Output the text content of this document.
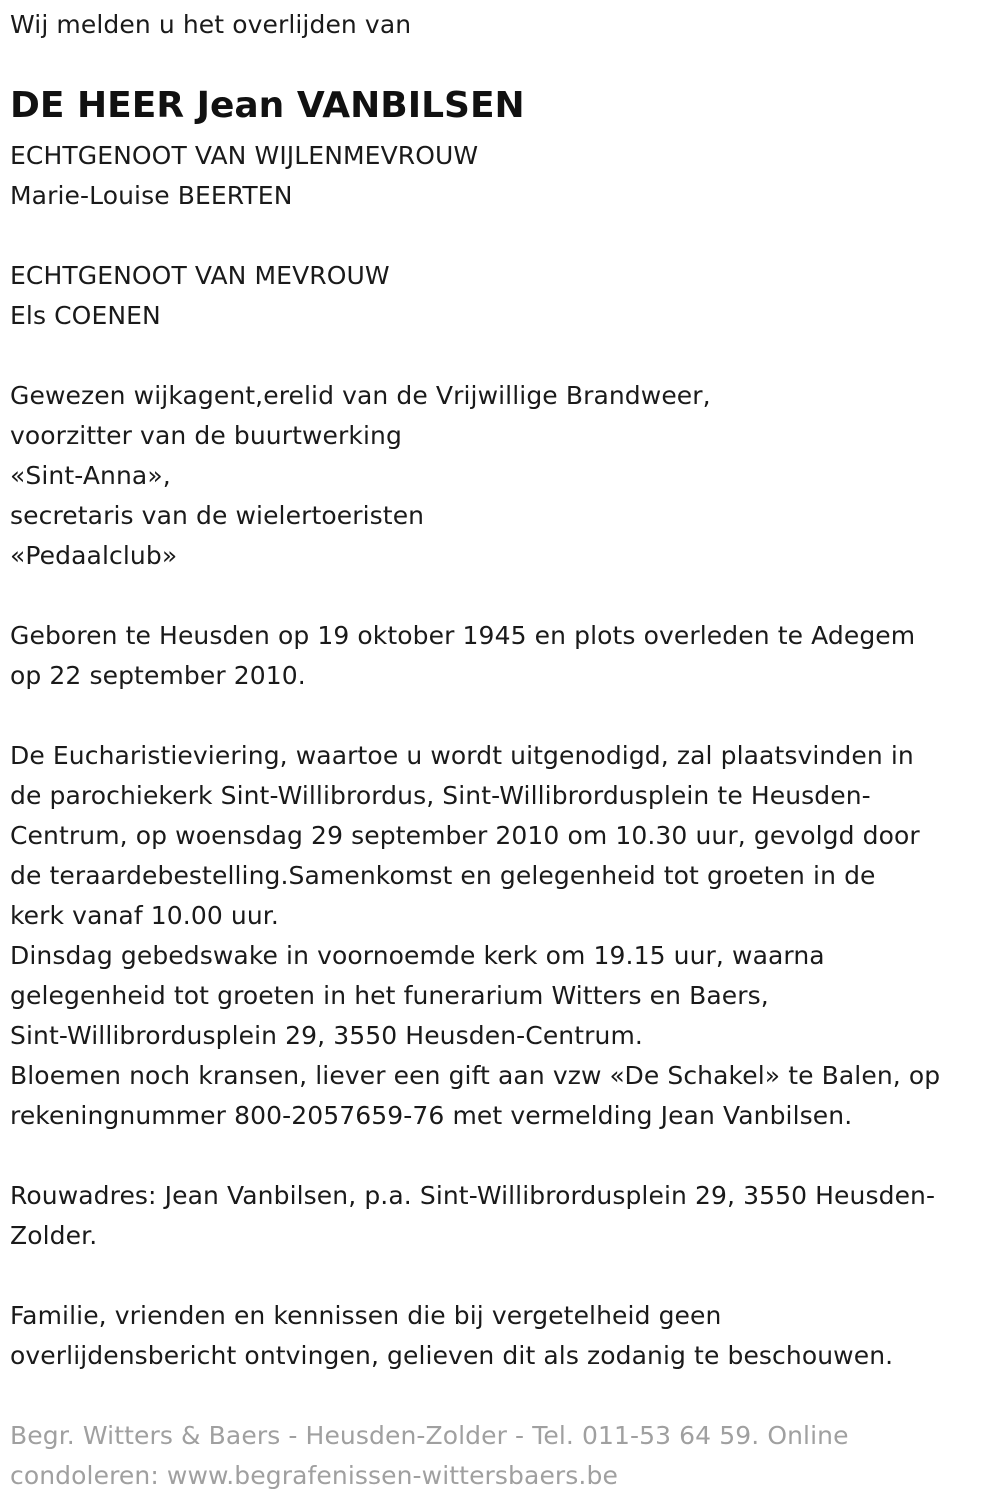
Wij melden u het overlijden van
DE HEER Jean VANBILSEN
ECHTGENOOT VAN WIJLENMEVROUW
Marie-Louise BEERTEN
ECHTGENOOT VAN MEVROUW
Els COENEN
Gewezen wijkagent,erelid van de Vrijwillige Brandweer,
voorzitter van de buurtwerking
«Sint-Anna»,
secretaris van de wielertoeristen
«Pedaalclub»
Geboren te Heusden op 19 oktober 1945 en plots overleden te Adegem
op 22 september 2010.
De Eucharistieviering, waartoe u wordt uitgenodigd, zal plaatsvinden in
de parochiekerk Sint-Willibrordus, Sint-Willibrordusplein te Heusden-
Centrum, op woensdag 29 september 2010 om 10.30 uur, gevolgd door
de teraardebestelling.Samenkomst en gelegenheid tot groeten in de
kerk vanaf 10.00 uur.
Dinsdag gebedswake in voornoemde kerk om 19.15 uur, waarna
gelegenheid tot groeten in het funerarium Witters en Baers,
Sint-Willibrordusplein 29, 3550 Heusden-Centrum.
Bloemen noch kransen, liever een gift aan vzw «De Schakel» te Balen, op
rekeningnummer 800-2057659-76 met vermelding Jean Vanbilsen.
Rouwadres: Jean Vanbilsen, p.a. Sint-Willibrordusplein 29, 3550 Heusden-
Zolder.
Familie, vrienden en kennissen die bij vergetelheid geen
overlijdensbericht ontvingen, gelieven dit als zodanig te beschouwen.
Begr. Witters & Baers - Heusden-Zolder - Tel. 011-53 64 59. Online
condoleren: www.begrafenissen-wittersbaers.be
